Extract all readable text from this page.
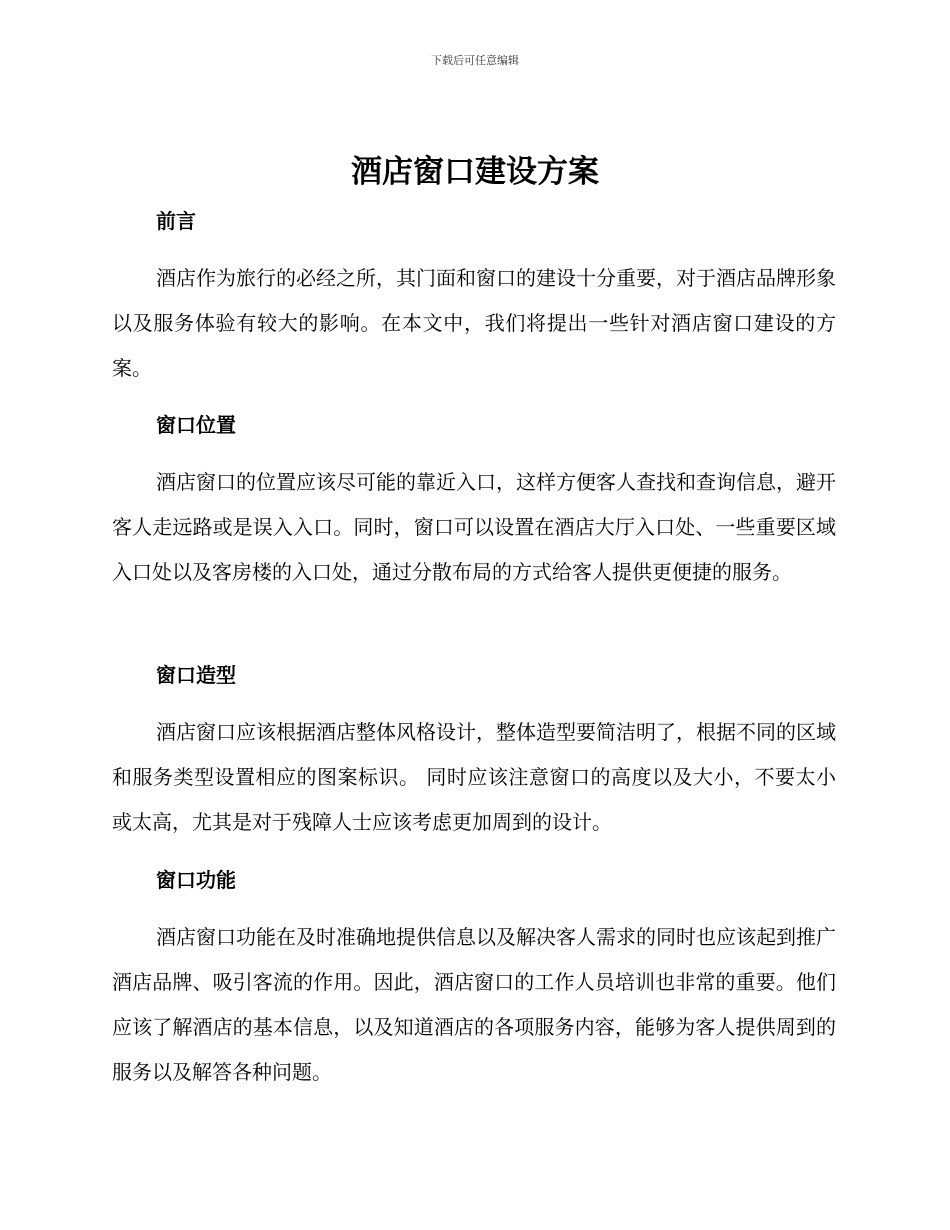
下载后可任意编辑
酒店窗口建设方案
前言

酒店作为旅行的必经之所，其门面和窗口的建设十分重要，对于酒店品牌形象以及服务体验有较大的影响。在本文中，我们将提出一些针对酒店窗口建设的方案。

窗口位置

酒店窗口的位置应该尽可能的靠近入口，这样方便客人查找和查询信息，避开客人走远路或是误入入口。同时，窗口可以设置在酒店大厅入口处、一些重要区域入口处以及客房楼的入口处，通过分散布局的方式给客人提供更便捷的服务。

窗口造型

酒店窗口应该根据酒店整体风格设计，整体造型要简洁明了，根据不同的区域和服务类型设置相应的图案标识。 同时应该注意窗口的高度以及大小，不要太小或太高，尤其是对于残障人士应该考虑更加周到的设计。

窗口功能

酒店窗口功能在及时准确地提供信息以及解决客人需求的同时也应该起到推广酒店品牌、吸引客流的作用。因此，酒店窗口的工作人员培训也非常的重要。他们应该了解酒店的基本信息，以及知道酒店的各项服务内容，能够为客人提供周到的服务以及解答各种问题。
